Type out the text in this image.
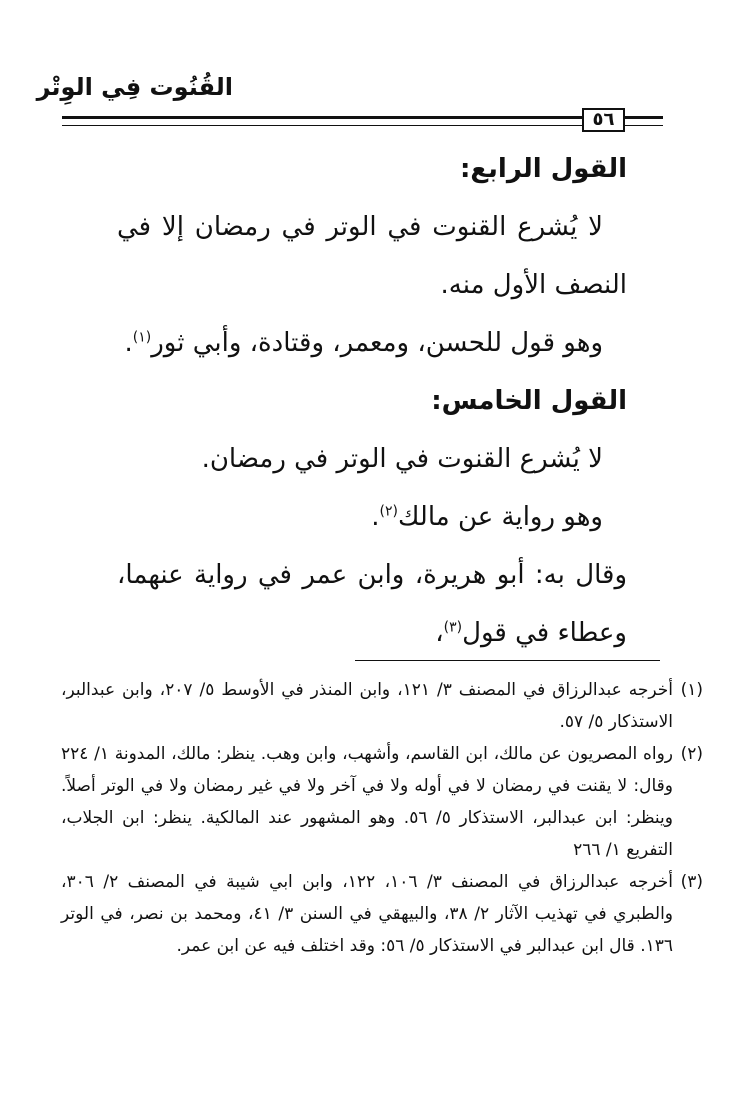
القُنُوت فِي الوِتْر
٥٦

القول الرابع:

لا يُشرع القنوت في الوتر في رمضان إلا في النصف الأول منه.

وهو قول للحسن، ومعمر، وقتادة، وأبي ثور$^{(١)}$.

القول الخامس:

لا يُشرع القنوت في الوتر في رمضان.

وهو رواية عن مالك$^{(٢)}$.

وقال به: أبو هريرة، وابن عمر في رواية عنهما، وعطاء في قول$^{(٣)}$،

(١)
أخرجه عبدالرزاق في المصنف ٣/ ١٢١، وابن المنذر في الأوسط ٥/ ٢٠٧، وابن عبدالبر، الاستذكار ٥/ ٥٧.
(٢)
رواه المصريون عن مالك، ابن القاسم، وأشهب، وابن وهب. ينظر: مالك، المدونة ١/ ٢٢٤ وقال: لا يقنت في رمضان لا في أوله ولا في آخر ولا في غير رمضان ولا في الوتر أصلاً. وينظر: ابن عبدالبر، الاستذكار ٥/ ٥٦. وهو المشهور عند المالكية. ينظر: ابن الجلاب، التفريع ١/ ٢٦٦
(٣)
أخرجه عبدالرزاق في المصنف ٣/ ١٠٦، ١٢٢، وابن ابي شيبة في المصنف ٢/ ٣٠٦، والطبري في تهذيب الآثار ٢/ ٣٨، والبيهقي في السنن ٣/ ٤١، ومحمد بن نصر، في الوتر ١٣٦. قال ابن عبدالبر في الاستذكار ٥/ ٥٦: وقد اختلف فيه عن ابن عمر.
